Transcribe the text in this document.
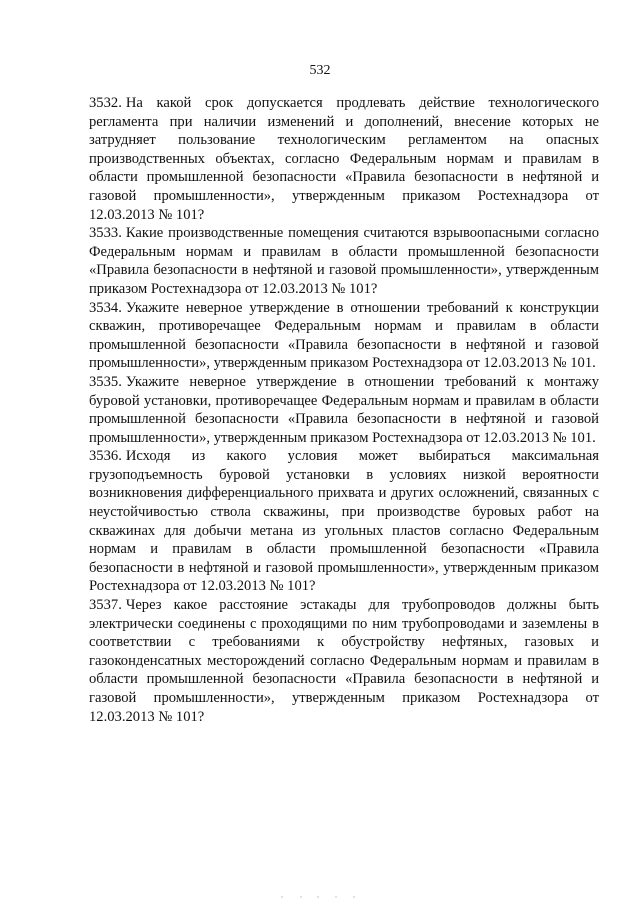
532

3532. На какой срок допускается продлевать действие технологического регламента при наличии изменений и дополнений, внесение которых не затрудняет пользование технологическим регламентом на опасных производственных объектах, согласно Федеральным нормам и правилам в области промышленной безопасности «Правила безопасности в нефтяной и газовой промышленности», утвержденным приказом Ростехнадзора от 12.03.2013 № 101?

3533. Какие производственные помещения считаются взрывоопасными согласно Федеральным нормам и правилам в области промышленной безопасности «Правила безопасности в нефтяной и газовой промышленности», утвержденным приказом Ростехнадзора от 12.03.2013 № 101?

3534. Укажите неверное утверждение в отношении требований к конструкции скважин, противоречащее Федеральным нормам и правилам в области промышленной безопасности «Правила безопасности в нефтяной и газовой промышленности», утвержденным приказом Ростехнадзора от 12.03.2013 № 101.

3535. Укажите неверное утверждение в отношении требований к монтажу буровой установки, противоречащее Федеральным нормам и правилам в области промышленной безопасности «Правила безопасности в нефтяной и газовой промышленности», утвержденным приказом Ростехнадзора от 12.03.2013 № 101.

3536. Исходя из какого условия может выбираться максимальная грузоподъемность буровой установки в условиях низкой вероятности возникновения дифференциального прихвата и других осложнений, связанных с неустойчивостью ствола скважины, при производстве буровых работ на скважинах для добычи метана из угольных пластов согласно Федеральным нормам и правилам в области промышленной безопасности «Правила безопасности в нефтяной и газовой промышленности», утвержденным приказом Ростехнадзора от 12.03.2013 № 101?

3537. Через какое расстояние эстакады для трубопроводов должны быть электрически соединены с проходящими по ним трубопроводами и заземлены в соответствии с требованиями к обустройству нефтяных, газовых и газоконденсатных месторождений согласно Федеральным нормам и правилам в области промышленной безопасности «Правила безопасности в нефтяной и газовой промышленности», утвержденным приказом Ростехнадзора от 12.03.2013 № 101?
